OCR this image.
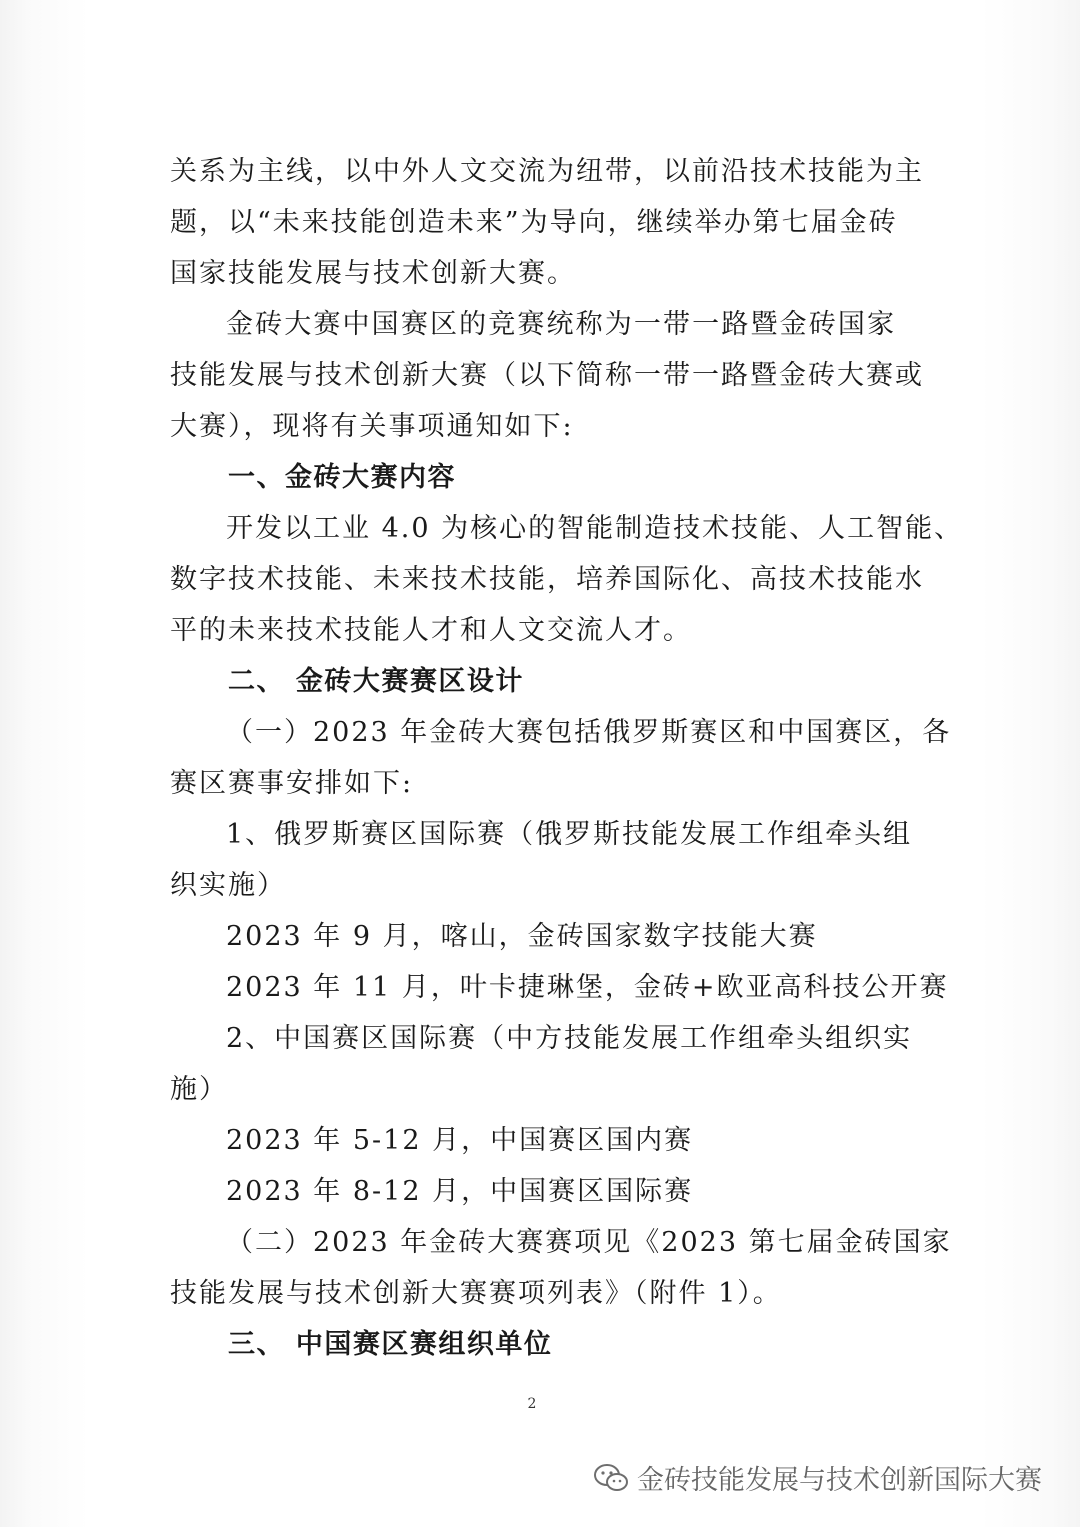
关系为主线，以中外人文交流为纽带，以前沿技术技能为主
题，以“未来技能创造未来”为导向，继续举办第七届金砖
国家技能发展与技术创新大赛。
金砖大赛中国赛区的竞赛统称为一带一路暨金砖国家
技能发展与技术创新大赛（以下简称一带一路暨金砖大赛或
大赛），现将有关事项通知如下:
一、金砖大赛内容
开发以工业 4.0 为核心的智能制造技术技能、人工智能、
数字技术技能、未来技术技能，培养国际化、高技术技能水
平的未来技术技能人才和人文交流人才。
二、 金砖大赛赛区设计
（一）2023 年金砖大赛包括俄罗斯赛区和中国赛区，各
赛区赛事安排如下:
1、俄罗斯赛区国际赛（俄罗斯技能发展工作组牵头组
织实施）
2023 年 9 月，喀山，金砖国家数字技能大赛
2023 年 11 月，叶卡捷琳堡，金砖+欧亚高科技公开赛
2、中国赛区国际赛（中方技能发展工作组牵头组织实
施）
2023 年 5-12 月，中国赛区国内赛
2023 年 8-12 月，中国赛区国际赛
（二）2023 年金砖大赛赛项见《2023 第七届金砖国家
技能发展与技术创新大赛赛项列表》（附件 1）。
三、 中国赛区赛组织单位
2
金砖技能发展与技术创新国际大赛
